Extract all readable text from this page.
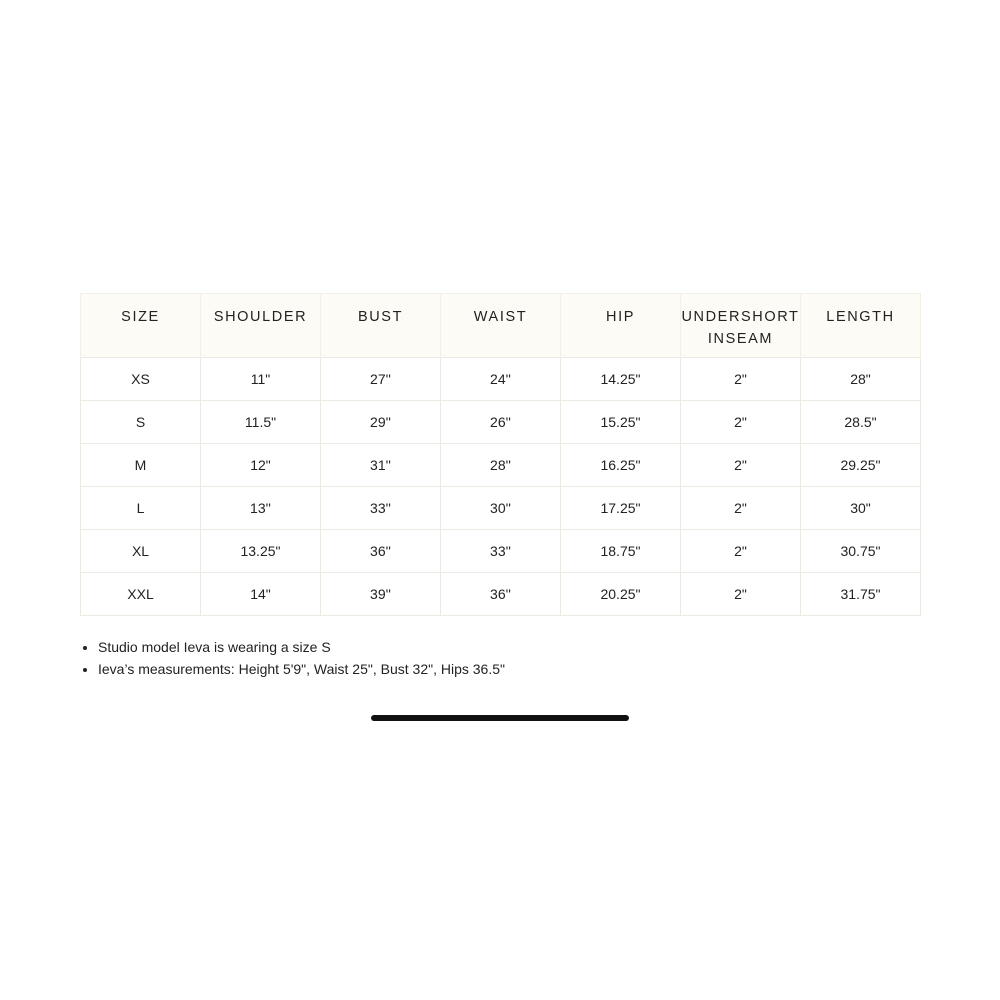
SIZE	SHOULDER	BUST	WAIST	HIP	UNDERSHORT INSEAM	LENGTH
XS	11"	27''	24''	14.25"	2"	28"
S	11.5"	29''	26''	15.25"	2"	28.5"
M	12"	31''	28''	16.25"	2"	29.25"
L	13''	33''	30''	17.25"	2"	30"
XL	13.25"	36''	33''	18.75"	2"	30.75"
XXL	14"	39''	36''	20.25"	2"	31.75"
• Studio model Ieva is wearing a size S
• Ieva’s measurements: Height 5'9", Waist 25", Bust 32", Hips 36.5"
